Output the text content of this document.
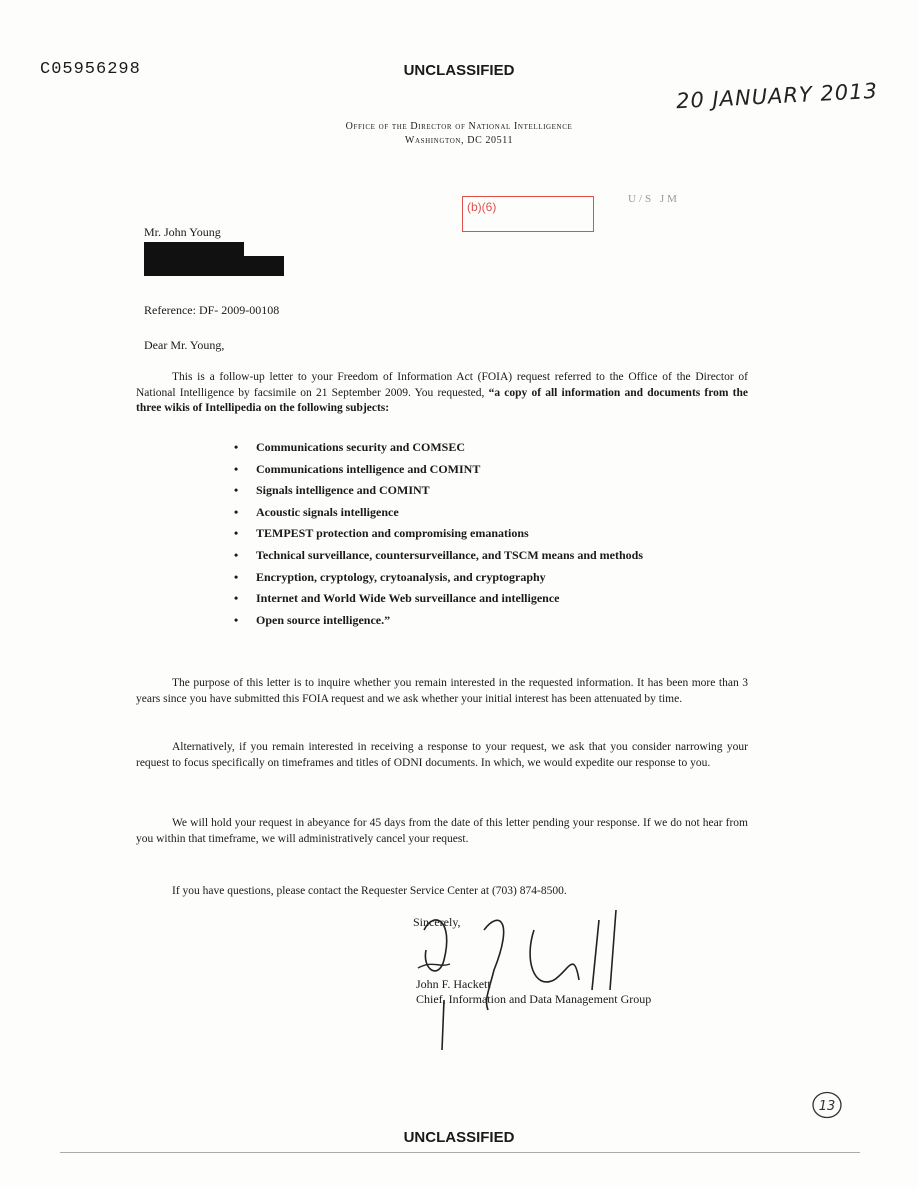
C05956298	UNCLASSIFIED
20 JANUARY 2013
Office of the Director of National Intelligence
Washington, DC 20511
(b)(6)
U/S JM
Mr. John Young
Reference: DF- 2009-00108
Dear Mr. Young,
This is a follow-up letter to your Freedom of Information Act (FOIA) request referred to the Office of the Director of National Intelligence by facsimile on 21 September 2009. You requested, “a copy of all information and documents from the three wikis of Intellipedia on the following subjects:
• Communications security and COMSEC
• Communications intelligence and COMINT
• Signals intelligence and COMINT
• Acoustic signals intelligence
• TEMPEST protection and compromising emanations
• Technical surveillance, countersurveillance, and TSCM means and methods
• Encryption, cryptology, crytoanalysis, and cryptography
• Internet and World Wide Web surveillance and intelligence
• Open source intelligence.”
The purpose of this letter is to inquire whether you remain interested in the requested information. It has been more than 3 years since you have submitted this FOIA request and we ask whether your initial interest has been attenuated by time.
Alternatively, if you remain interested in receiving a response to your request, we ask that you consider narrowing your request to focus specifically on timeframes and titles of ODNI documents. In which, we would expedite our response to you.
We will hold your request in abeyance for 45 days from the date of this letter pending your response. If we do not hear from you within that timeframe, we will administratively cancel your request.
If you have questions, please contact the Requester Service Center at (703) 874-8500.
Sincerely,
John F. Hackett
Chief, Information and Data Management Group
UNCLASSIFIED
13
